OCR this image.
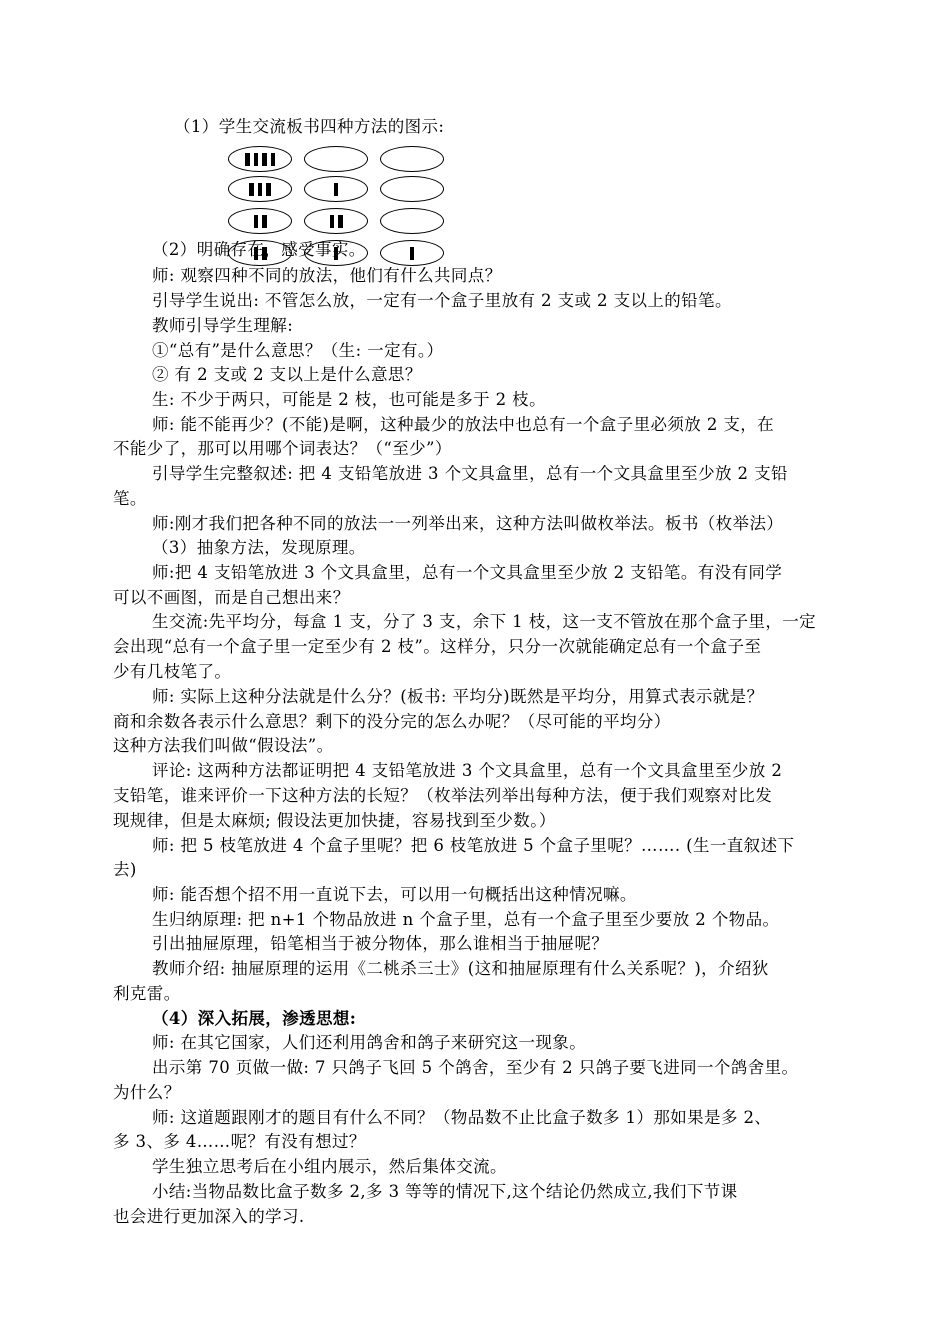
（1）学生交流板书四种方法的图示:
（2）明确存在，感受事实。
师: 观察四种不同的放法，他们有什么共同点？
引导学生说出: 不管怎么放，一定有一个盒子里放有 2 支或 2 支以上的铅笔。
教师引导学生理解:
①“总有”是什么意思？（生: 一定有。）
② 有 2 支或 2 支以上是什么意思？
生: 不少于两只，可能是 2 枝，也可能是多于 2 枝。
师: 能不能再少？(不能)是啊，这种最少的放法中也总有一个盒子里必须放 2 支，在
不能少了，那可以用哪个词表达？（“至少”）
引导学生完整叙述: 把 4 支铅笔放进 3 个文具盒里，总有一个文具盒里至少放 2 支铅
笔。
师:刚才我们把各种不同的放法一一列举出来，这种方法叫做枚举法。板书（枚举法）
（3）抽象方法，发现原理。
师:把 4 支铅笔放进 3 个文具盒里，总有一个文具盒里至少放 2 支铅笔。有没有同学
可以不画图，而是自己想出来？
生交流:先平均分，每盒 1 支，分了 3 支，余下 1 枝，这一支不管放在那个盒子里，一定
会出现“总有一个盒子里一定至少有 2 枝”。这样分，只分一次就能确定总有一个盒子至
少有几枝笔了。
师: 实际上这种分法就是什么分？(板书: 平均分)既然是平均分，用算式表示就是？
商和余数各表示什么意思？剩下的没分完的怎么办呢？（尽可能的平均分）
这种方法我们叫做“假设法”。
评论: 这两种方法都证明把 4 支铅笔放进 3 个文具盒里，总有一个文具盒里至少放 2
支铅笔，谁来评价一下这种方法的长短？（枚举法列举出每种方法，便于我们观察对比发
现规律，但是太麻烦; 假设法更加快捷，容易找到至少数。）
师: 把 5 枝笔放进 4 个盒子里呢？把 6 枝笔放进 5 个盒子里呢？……. (生一直叙述下
去)
师: 能否想个招不用一直说下去，可以用一句概括出这种情况嘛。
生归纳原理: 把 n+1 个物品放进 n 个盒子里，总有一个盒子里至少要放 2 个物品。
引出抽屉原理，铅笔相当于被分物体，那么谁相当于抽屉呢？
教师介绍: 抽屉原理的运用《二桃杀三士》(这和抽屉原理有什么关系呢？)，介绍狄
利克雷。
（4）深入拓展，渗透思想:
师: 在其它国家，人们还利用鸽舍和鸽子来研究这一现象。
出示第 70 页做一做: 7 只鸽子飞回 5 个鸽舍，至少有 2 只鸽子要飞进同一个鸽舍里。
为什么？
师: 这道题跟刚才的题目有什么不同？（物品数不止比盒子数多 1）那如果是多 2、
多 3、多 4……呢？有没有想过？
学生独立思考后在小组内展示，然后集体交流。
小结:当物品数比盒子数多 2,多 3 等等的情况下,这个结论仍然成立,我们下节课
也会进行更加深入的学习.
